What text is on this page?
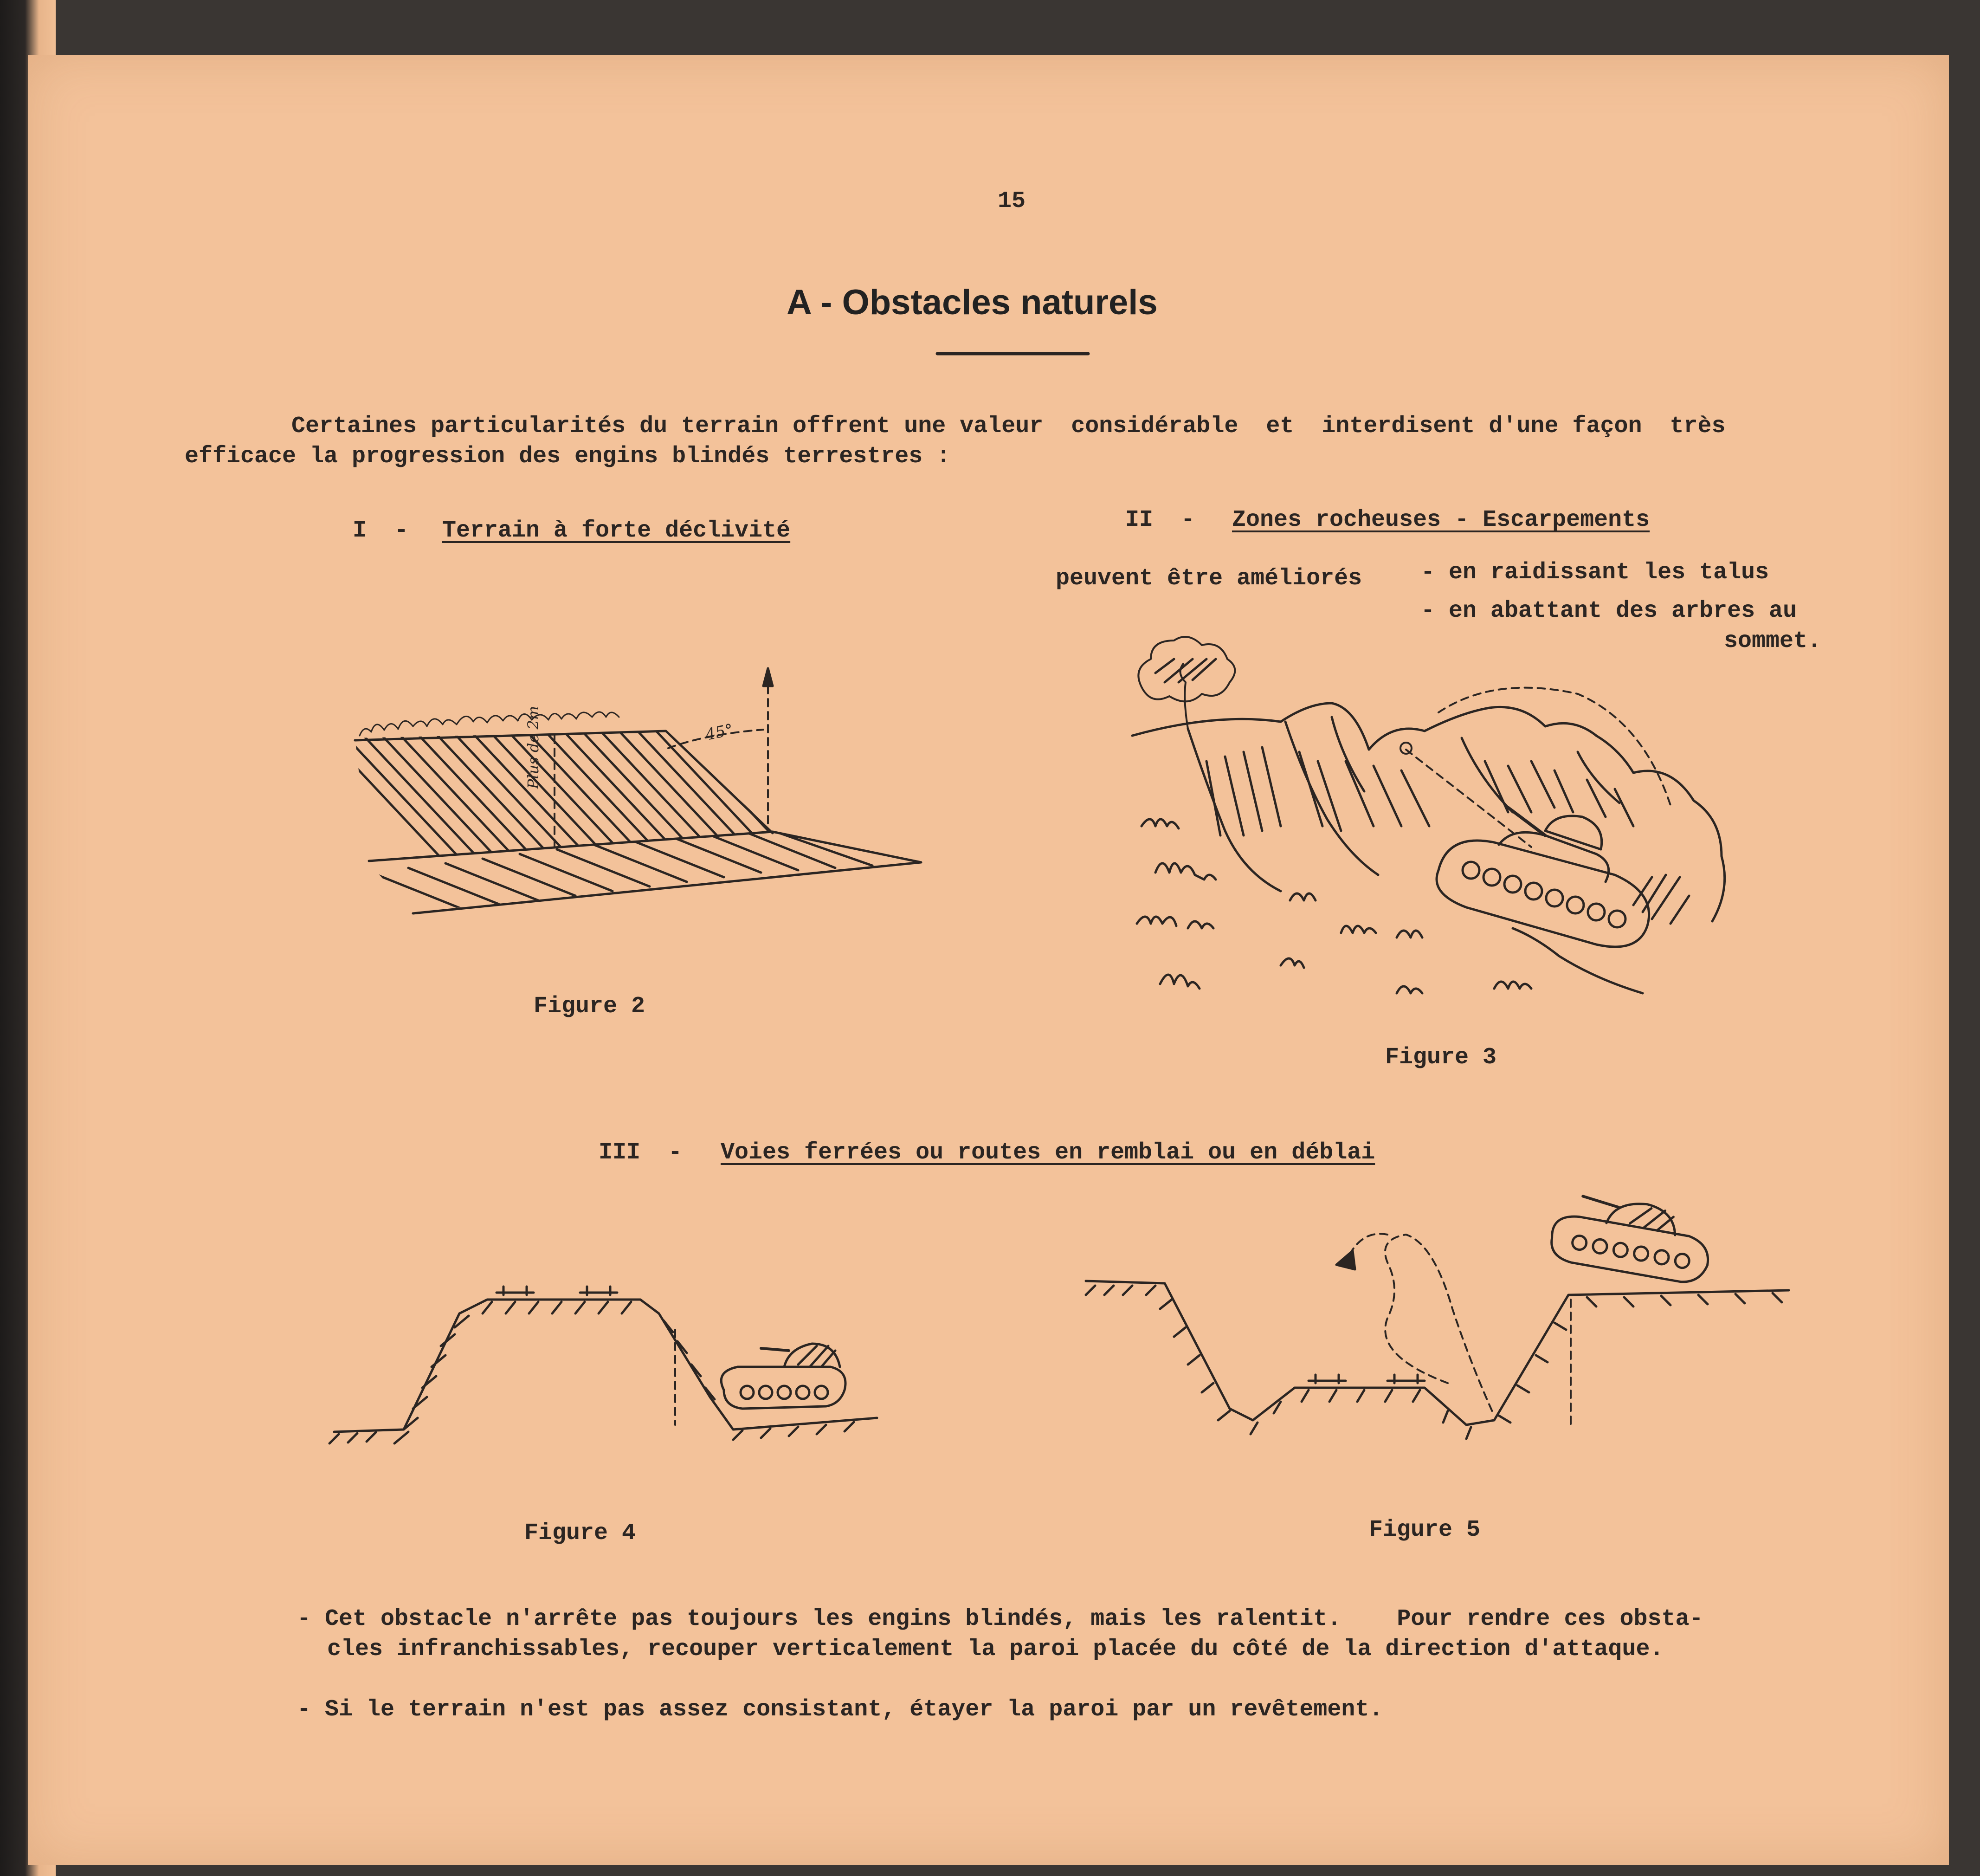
15
A - Obstacles naturels
Certaines particularités du terrain offrent une valeur  considérable  et  interdisent d'une façon  très
efficace la progression des engins blindés terrestres :
I  - Terrain à forte déclivité	II  - Zones rocheuses - Escarpements
peuvent être améliorés	- en raidissant les talus
- en abattant des arbres au
sommet.
45°
Plus de 2m
Figure 2
Figure 3
III  - Voies ferrées ou routes en remblai ou en déblai
Figure 4	Figure 5
- Cet obstacle n'arrête pas toujours les engins blindés, mais les ralentit.    Pour rendre ces obsta-
cles infranchissables, recouper verticalement la paroi placée du côté de la direction d'attaque.
- Si le terrain n'est pas assez consistant, étayer la paroi par un revêtement.
